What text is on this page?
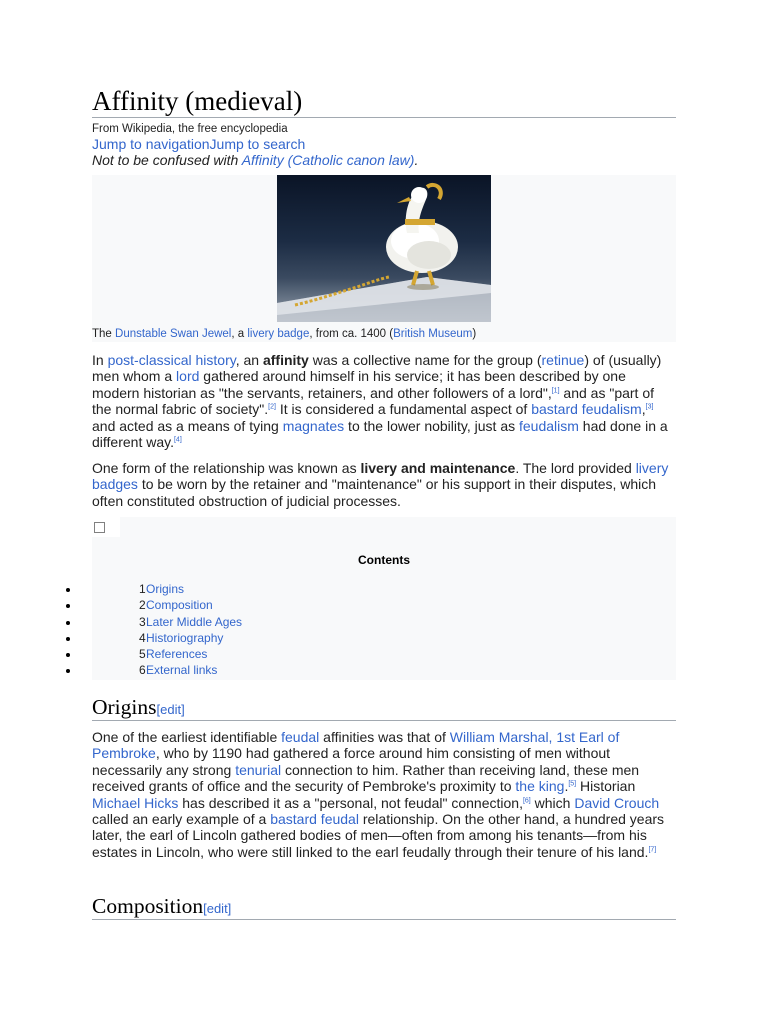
Affinity (medieval)
From Wikipedia, the free encyclopedia
Jump to navigationJump to search
Not to be confused with Affinity (Catholic canon law).
The Dunstable Swan Jewel, a livery badge, from ca. 1400 (British Museum)

In post-classical history, an affinity was a collective name for the group (retinue) of (usually) men whom a lord gathered around himself in his service; it has been described by one modern historian as "the servants, retainers, and other followers of a lord",[1] and as "part of the normal fabric of society".[2] It is considered a fundamental aspect of bastard feudalism,[3] and acted as a means of tying magnates to the lower nobility, just as feudalism had done in a different way.[4]

One form of the relationship was known as livery and maintenance. The lord provided livery badges to be worn by the retainer and "maintenance" or his support in their disputes, which often constituted obstruction of judicial processes.

Contents
1 Origins
2 Composition
3 Later Middle Ages
4 Historiography
5 References
6 External links
Origins[edit]

One of the earliest identifiable feudal affinities was that of William Marshal, 1st Earl of Pembroke, who by 1190 had gathered a force around him consisting of men without necessarily any strong tenurial connection to him. Rather than receiving land, these men received grants of office and the security of Pembroke's proximity to the king.[5] Historian Michael Hicks has described it as a "personal, not feudal" connection,[6] which David Crouch called an early example of a bastard feudal relationship. On the other hand, a hundred years later, the earl of Lincoln gathered bodies of men—often from among his tenants—from his estates in Lincoln, who were still linked to the earl feudally through their tenure of his land.[7]

Composition[edit]
